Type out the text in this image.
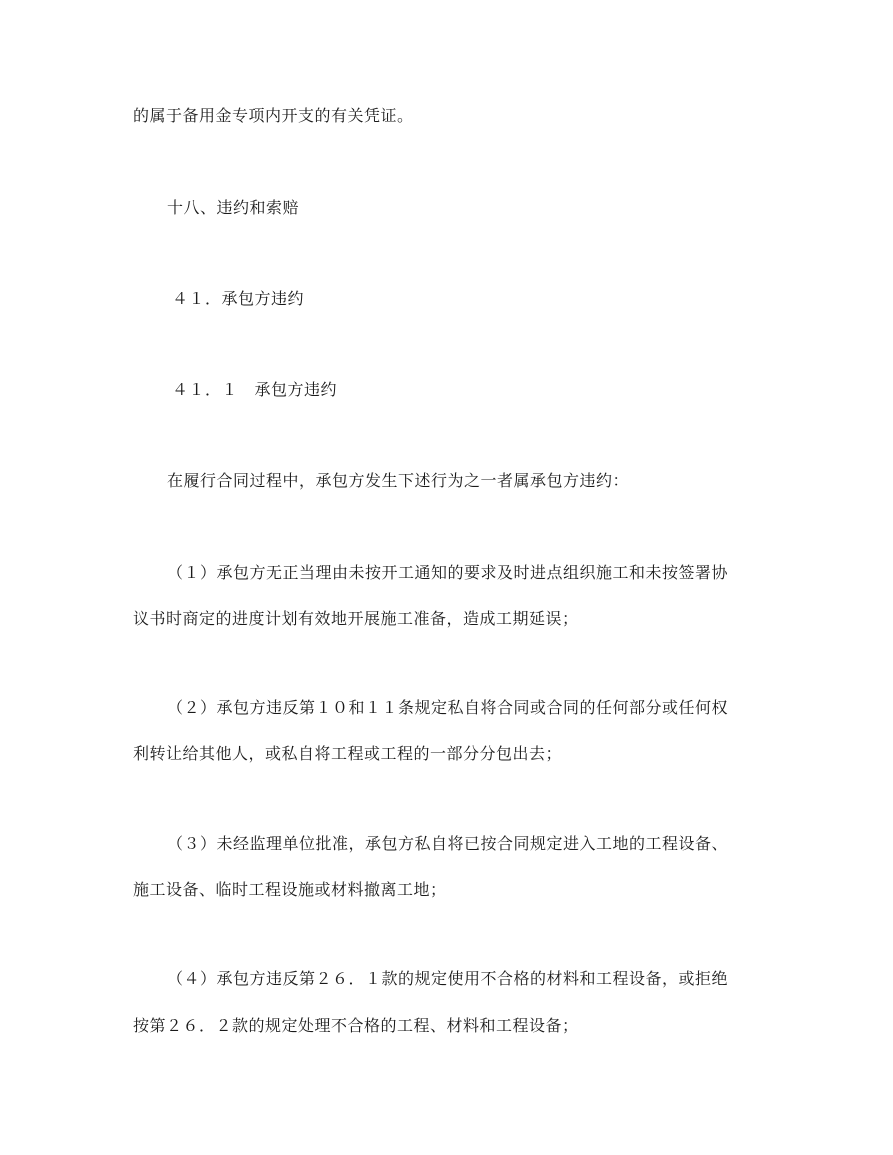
的属于备用金专项内开支的有关凭证。
十八、违约和索赔
４１．承包方违约
４１．１　承包方违约
在履行合同过程中，承包方发生下述行为之一者属承包方违约：
（１）承包方无正当理由未按开工通知的要求及时进点组织施工和未按签署协
议书时商定的进度计划有效地开展施工准备，造成工期延误；
（２）承包方违反第１０和１１条规定私自将合同或合同的任何部分或任何权
利转让给其他人，或私自将工程或工程的一部分分包出去；
（３）未经监理单位批准，承包方私自将已按合同规定进入工地的工程设备、
施工设备、临时工程设施或材料撤离工地；
（４）承包方违反第２６．１款的规定使用不合格的材料和工程设备，或拒绝
按第２６．２款的规定处理不合格的工程、材料和工程设备；
